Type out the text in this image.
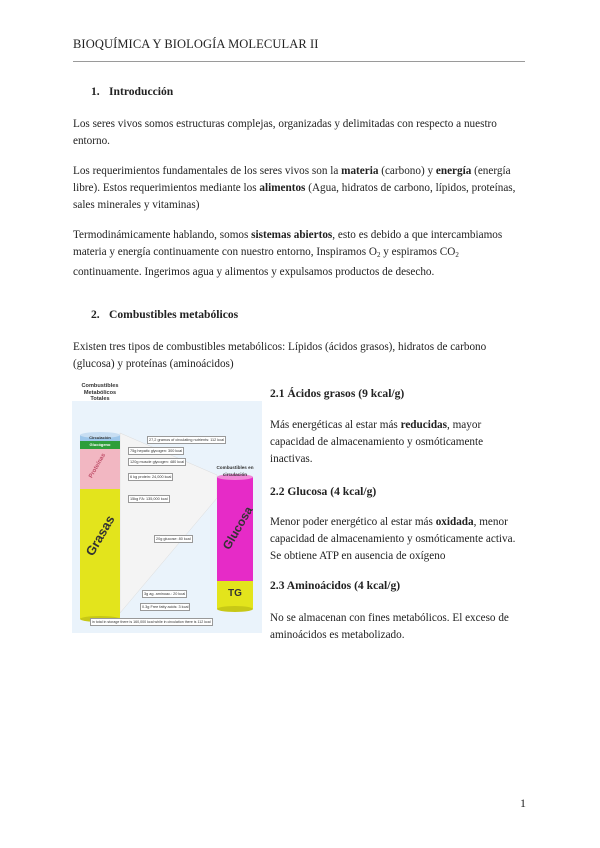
BIOQUÍMICA Y BIOLOGÍA MOLECULAR II
1. Introducción
Los seres vivos somos estructuras complejas, organizadas y delimitadas con respecto a nuestro entorno.
Los requerimientos fundamentales de los seres vivos son la materia (carbono) y energía (energía libre). Estos requerimientos mediante los alimentos (Agua, hidratos de carbono, lípidos, proteínas, sales minerales y vitaminas)
Termodinámicamente hablando, somos sistemas abiertos, esto es debido a que intercambiamos materia y energía continuamente con nuestro entorno, Inspiramos $O_2$ y espiramos $CO_2$ continuamente. Ingerimos agua y alimentos y expulsamos productos de desecho.
2. Combustibles metabólicos
Existen tres tipos de combustibles metabólicos: Lípidos (ácidos grasos), hidratos de carbono (glucosa) y proteínas (aminoácidos)
2.1 Ácidos grasos (9 kcal/g)
Más energéticas al estar más reducidas, mayor capacidad de almacenamiento y osmóticamente inactivas.
2.2 Glucosa (4 kcal/g)
Menor poder energético al estar más oxidada, menor capacidad de almacenamiento y osmóticamente activa. Se obtiene ATP en ausencia de oxígeno
2.3 Aminoácidos (4 kcal/g)
No se almacenan con fines metabólicos. El exceso de aminoácidos es metabolizado.
Combustibles Metabólicos Totales
Combustibles en circulación
Circulación
Glucógeno
Proteínas
Grasas	Glucosa
TG
27,2 gramos of circulating nutrients: 112 kcal
75g hepatic glycogen: 300 kcal
120g muscle glycogen: 480 kcal
6 kg protein: 24,000 kcal
15kg FA: 135,000 kcal
20g glucose: 80 kcal
3g ag. aminoac.: 20 kcal
0.3g Free fatty acids: 3 kcal
in total in storage there is 160,000 kcal while in circulation there is 112 kcal
1
